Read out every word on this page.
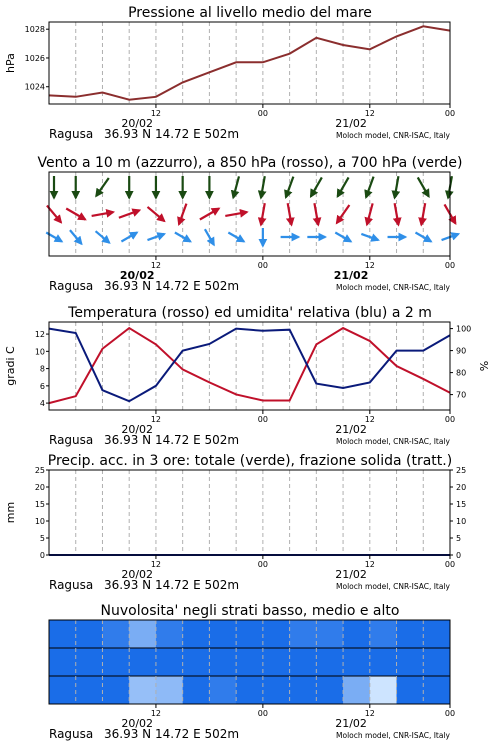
Pressione al livello medio del mare
1024
1026
1028
hPa
12	00	12	00
20/02	21/02
Ragusa 36.93 N 14.72 E 502m	Moloch model, CNR-ISAC, Italy
Vento a 10 m (azzurro), a 850 hPa (rosso), a 700 hPa (verde)
12	00	12	00
20/02	21/02
Ragusa 36.93 N 14.72 E 502m	Moloch model, CNR-ISAC, Italy
Temperatura (rosso) ed umidita' relativa (blu) a 2 m
4
6
8
10
12
70
80
90
100
gradi C	%
12	00	12	00
20/02	21/02
Ragusa 36.93 N 14.72 E 502m	Moloch model, CNR-ISAC, Italy
Precip. acc. in 3 ore: totale (verde), frazione solida (tratt.)
0	0
5	5
10	10
15	15
20	20
25	25
mm
12	00	12	00
20/02	21/02
Ragusa 36.93 N 14.72 E 502m	Moloch model, CNR-ISAC, Italy
Nuvolosita' negli strati basso, medio e alto
12	00	12	00
20/02	21/02
Ragusa 36.93 N 14.72 E 502m	Moloch model, CNR-ISAC, Italy
